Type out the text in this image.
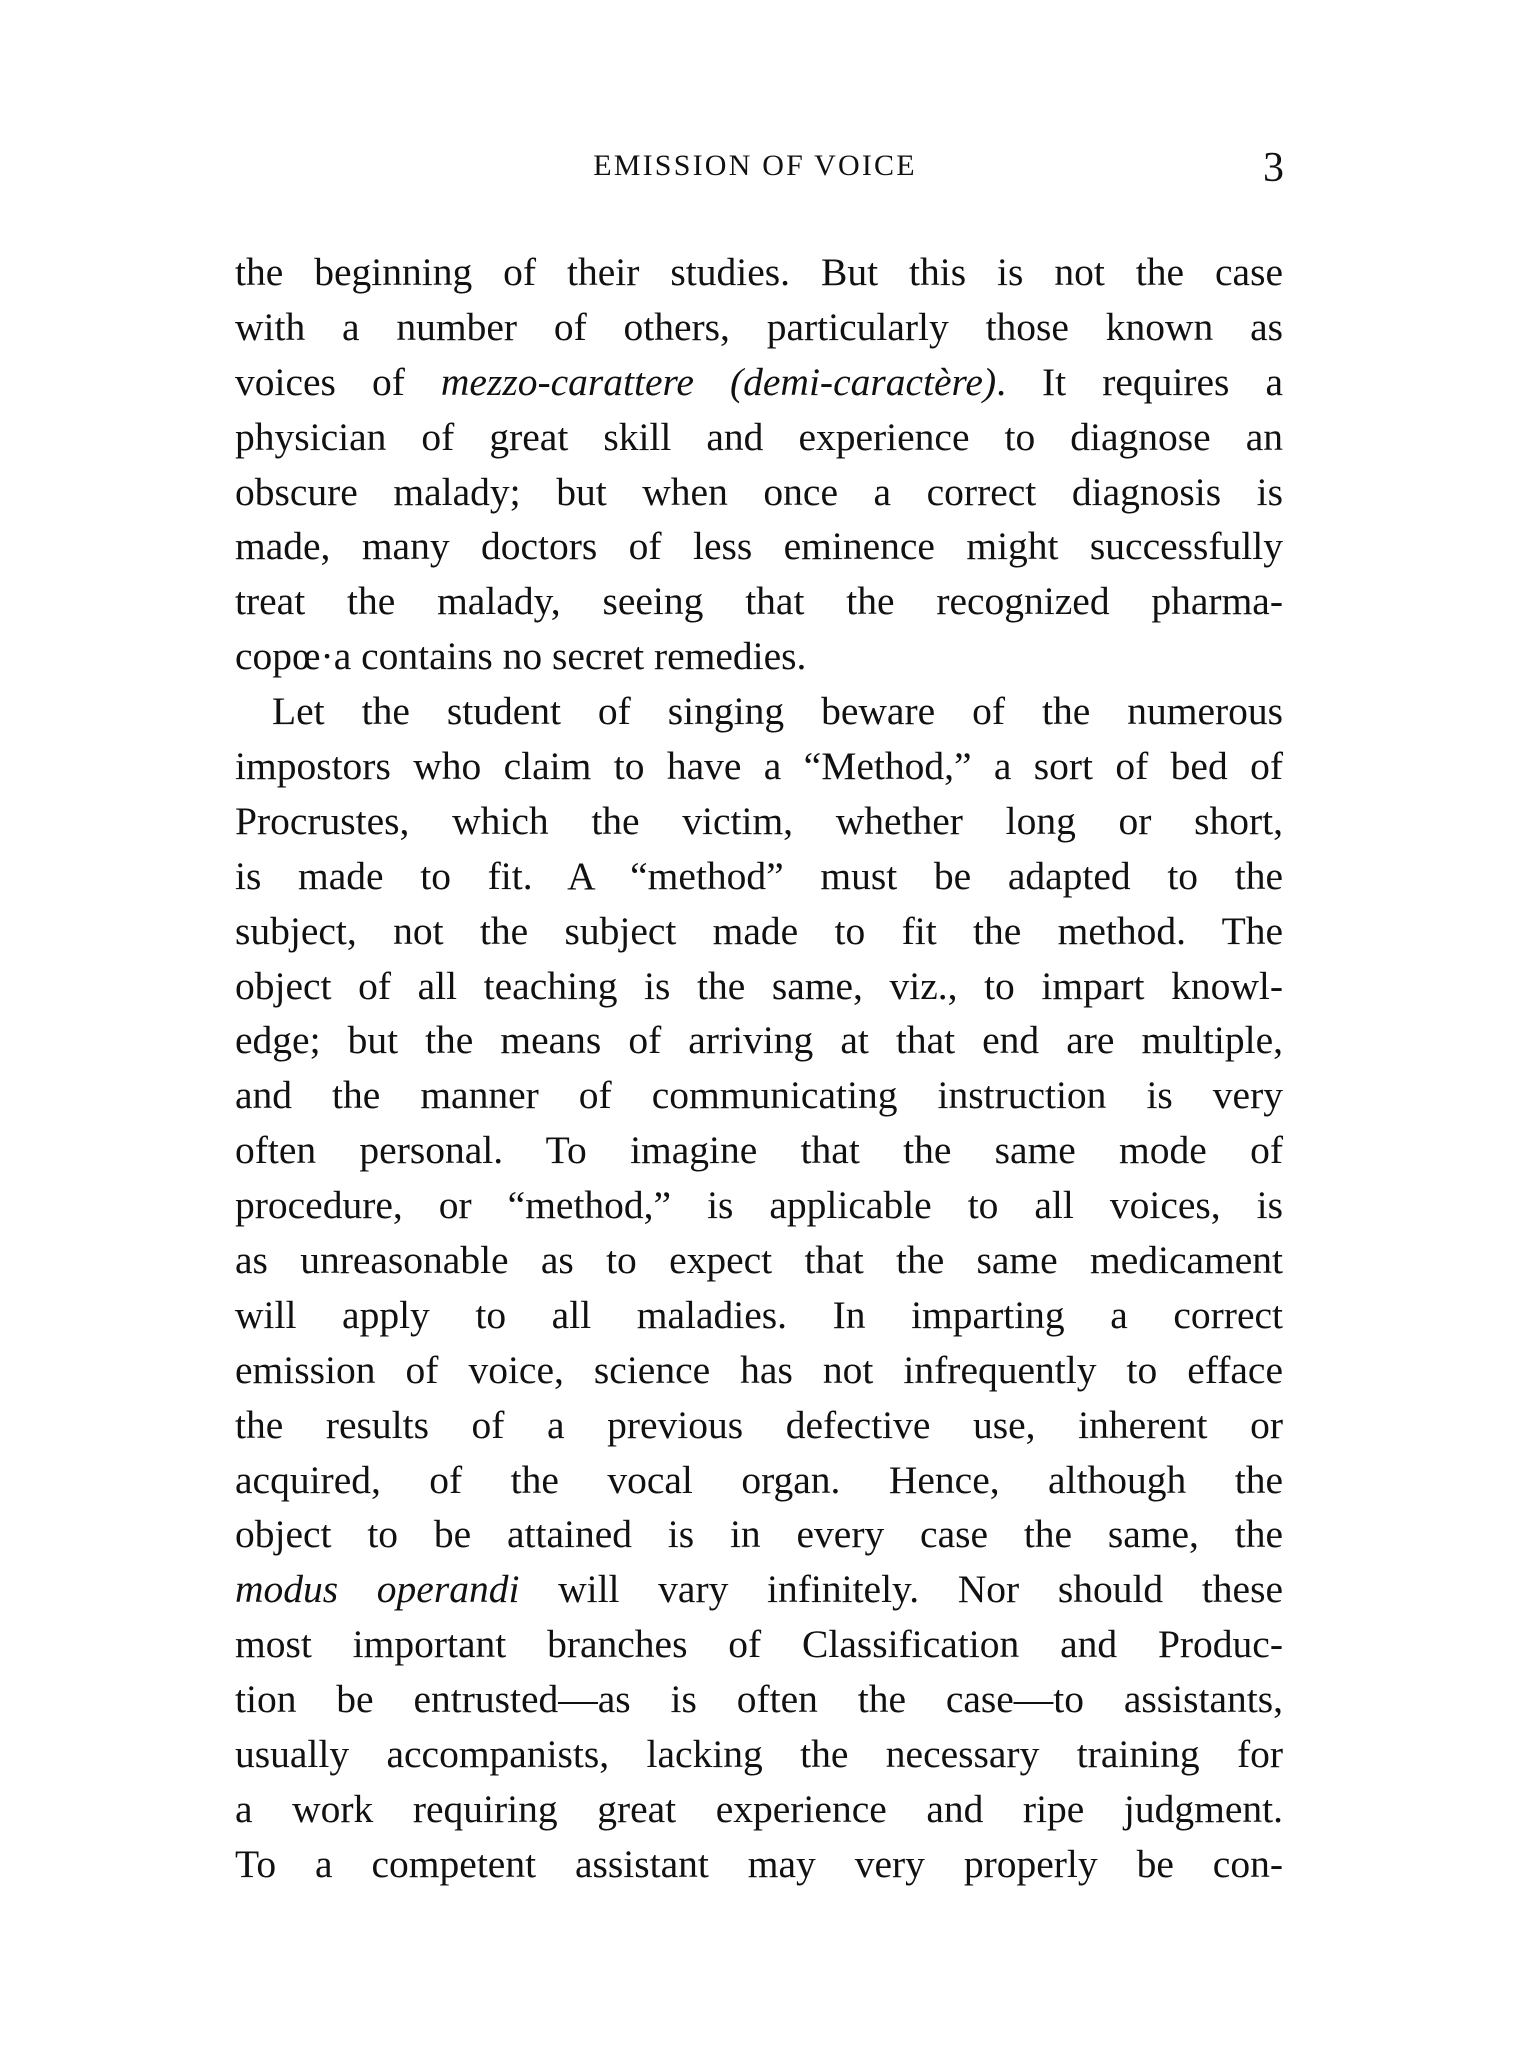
EMISSION OF VOICE	3
the beginning of their studies. But this is not the case
with a number of others, particularly those known as
voices of mezzo-carattere (demi-caractère). It requires a
physician of great skill and experience to diagnose an
obscure malady; but when once a correct diagnosis is
made, many doctors of less eminence might successfully
treat the malady, seeing that the recognized pharma-
copœ·a contains no secret remedies.
Let the student of singing beware of the numerous
impostors who claim to have a “Method,” a sort of bed of
Procrustes, which the victim, whether long or short,
is made to fit. A “method” must be adapted to the
subject, not the subject made to fit the method. The
object of all teaching is the same, viz., to impart knowl-
edge; but the means of arriving at that end are multiple,
and the manner of communicating instruction is very
often personal. To imagine that the same mode of
procedure, or “method,” is applicable to all voices, is
as unreasonable as to expect that the same medicament
will apply to all maladies. In imparting a correct
emission of voice, science has not infrequently to efface
the results of a previous defective use, inherent or
acquired, of the vocal organ. Hence, although the
object to be attained is in every case the same, the
modus operandi will vary infinitely. Nor should these
most important branches of Classification and Produc-
tion be entrusted—as is often the case—to assistants,
usually accompanists, lacking the necessary training for
a work requiring great experience and ripe judgment.
To a competent assistant may very properly be con-
